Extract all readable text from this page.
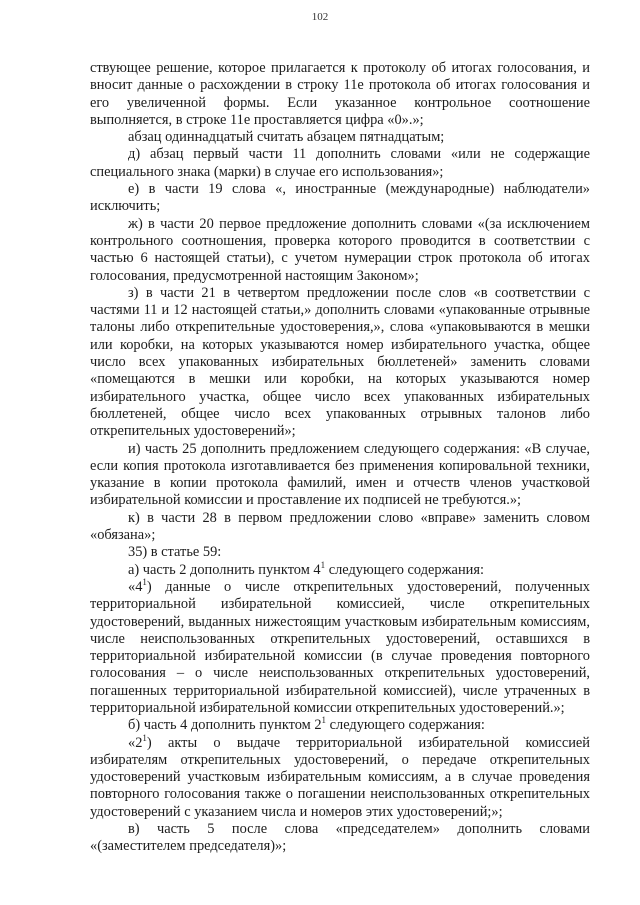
102

ствующее решение, которое прилагается к протоколу об итогах голосования, и вносит данные о расхождении в строку 11е протокола об итогах голосования и его увеличенной формы. Если указанное контрольное соотношение выполняется, в строке 11е проставляется цифра «0».»;

абзац одиннадцатый считать абзацем пятнадцатым;

д) абзац первый части 11 дополнить словами «или не содержащие специального знака (марки) в случае его использования»;

е) в части 19 слова «, иностранные (международные) наблюдатели» исключить;

ж) в части 20 первое предложение дополнить словами «(за исключением контрольного соотношения, проверка которого проводится в соответствии с частью 6 настоящей статьи), с учетом нумерации строк протокола об итогах голосования, предусмотренной настоящим Законом»;

з) в части 21 в четвертом предложении после слов «в соответствии с частями 11 и 12 настоящей статьи,» дополнить словами «упакованные отрывные талоны либо открепительные удостоверения,», слова «упаковываются в мешки или коробки, на которых указываются номер избирательного участка, общее число всех упакованных избирательных бюллетеней» заменить словами «помещаются в мешки или коробки, на которых указываются номер избирательного участка, общее число всех упакованных избирательных бюллетеней, общее число всех упакованных отрывных талонов либо открепительных удостоверений»;

и) часть 25 дополнить предложением следующего содержания: «В случае, если копия протокола изготавливается без применения копировальной техники, указание в копии протокола фамилий, имен и отчеств членов участковой избирательной комиссии и проставление их подписей не требуются.»;

к) в части 28 в первом предложении слово «вправе» заменить словом «обязана»;

35) в статье 59:

а) часть 2 дополнить пунктом $4^1$ следующего содержания:

«$4^1$) данные о числе открепительных удостоверений, полученных территориальной избирательной комиссией, числе открепительных удостоверений, выданных нижестоящим участковым избирательным комиссиям, числе неиспользованных открепительных удостоверений, оставшихся в территориальной избирательной комиссии (в случае проведения повторного голосования – о числе неиспользованных открепительных удостоверений, погашенных территориальной избирательной комиссией), числе утраченных в территориальной избирательной комиссии открепительных удостоверений.»;

б) часть 4 дополнить пунктом $2^1$ следующего содержания:

«$2^1$) акты о выдаче территориальной избирательной комиссией избирателям открепительных удостоверений, о передаче открепительных удостоверений участковым избирательным комиссиям, а в случае проведения повторного голосования также о погашении неиспользованных открепительных удостоверений с указанием числа и номеров этих удостоверений;»;

в) часть 5 после слова «председателем» дополнить словами «(заместителем председателя)»;
